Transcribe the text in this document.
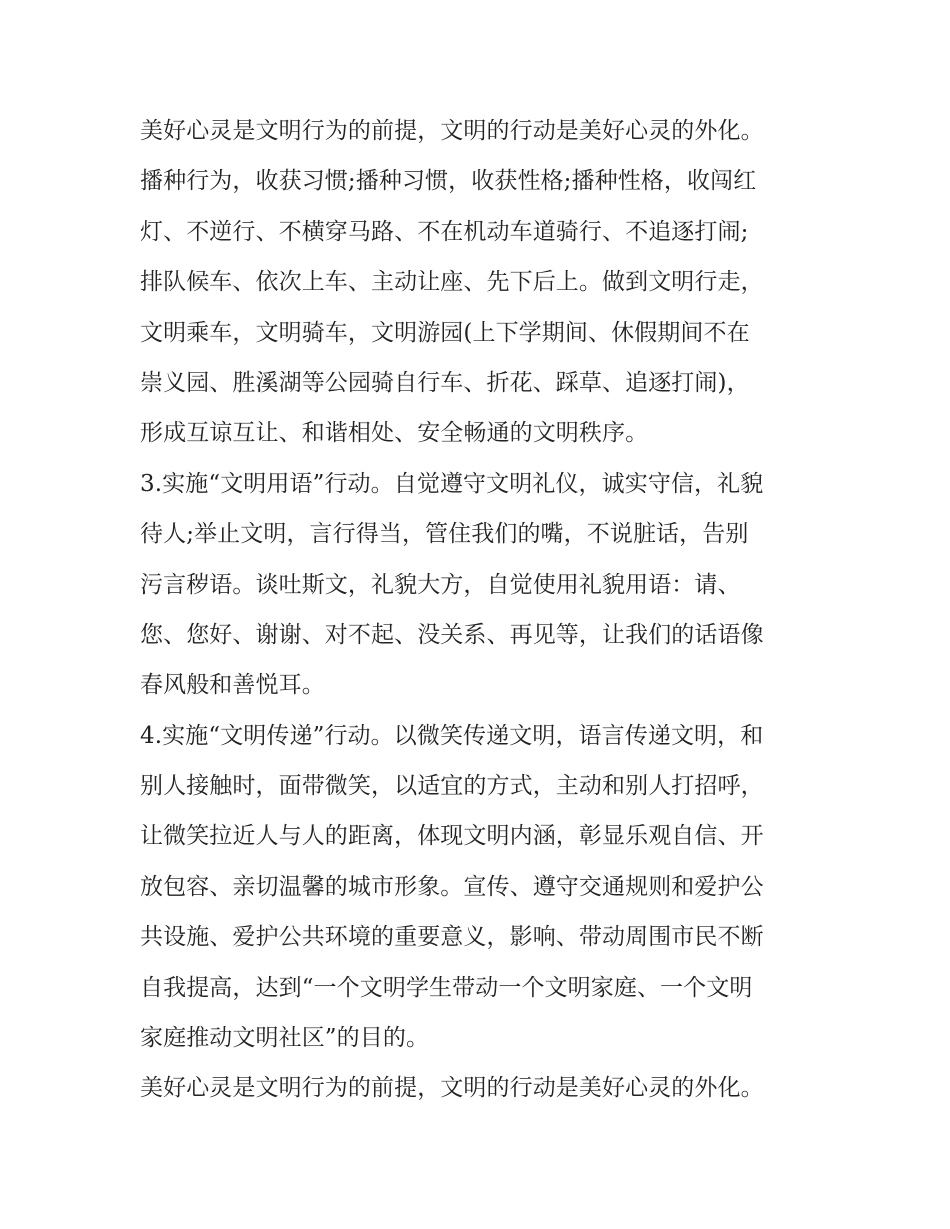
美好心灵是文明行为的前提，文明的行动是美好心灵的外化。
播种行为，收获习惯;播种习惯，收获性格;播种性格，收闯红
灯、不逆行、不横穿马路、不在机动车道骑行、不追逐打闹;
排队候车、依次上车、主动让座、先下后上。做到文明行走，
文明乘车，文明骑车，文明游园(上下学期间、休假期间不在
崇义园、胜溪湖等公园骑自行车、折花、踩草、追逐打闹)，
形成互谅互让、和谐相处、安全畅通的文明秩序。
3.实施“文明用语”行动。自觉遵守文明礼仪，诚实守信，礼貌
待人;举止文明，言行得当，管住我们的嘴，不说脏话，告别
污言秽语。谈吐斯文，礼貌大方，自觉使用礼貌用语：请、
您、您好、谢谢、对不起、没关系、再见等，让我们的话语像
春风般和善悦耳。
4.实施“文明传递”行动。以微笑传递文明，语言传递文明，和
别人接触时，面带微笑，以适宜的方式，主动和别人打招呼，
让微笑拉近人与人的距离，体现文明内涵，彰显乐观自信、开
放包容、亲切温馨的城市形象。宣传、遵守交通规则和爱护公
共设施、爱护公共环境的重要意义，影响、带动周围市民不断
自我提高，达到“一个文明学生带动一个文明家庭、一个文明
家庭推动文明社区”的目的。
美好心灵是文明行为的前提，文明的行动是美好心灵的外化。
